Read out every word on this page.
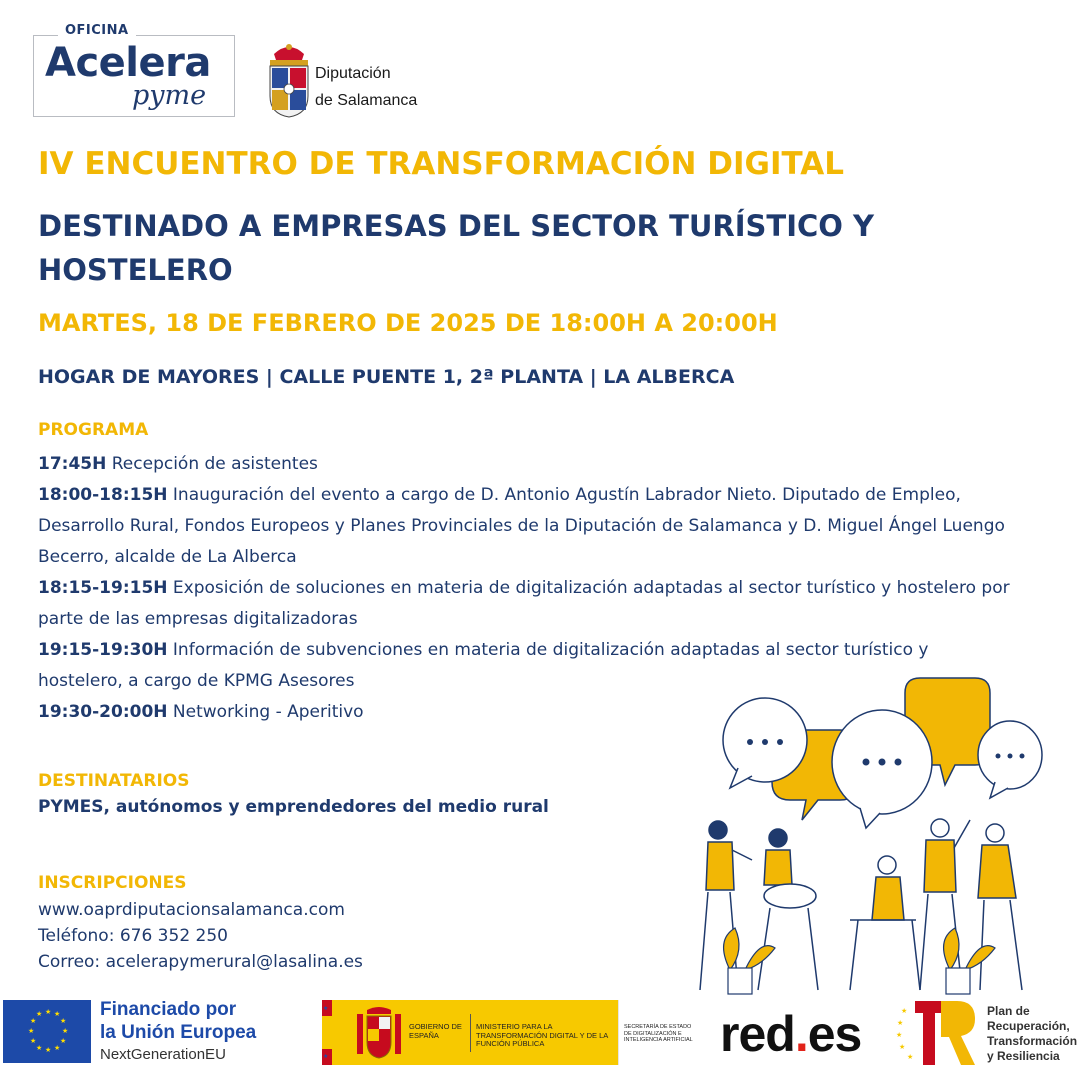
OFICINA
Acelera
pyme
Diputación
de Salamanca
IV ENCUENTRO DE TRANSFORMACIÓN DIGITAL
DESTINADO A EMPRESAS DEL SECTOR TURÍSTICO Y HOSTELERO
MARTES, 18 DE FEBRERO DE 2025 DE 18:00H A 20:00H
HOGAR DE MAYORES | CALLE PUENTE 1, 2ª PLANTA | LA ALBERCA
PROGRAMA
17:45H Recepción de asistentes
18:00-18:15H Inauguración del evento a cargo de D. Antonio Agustín Labrador Nieto. Diputado de Empleo, Desarrollo Rural, Fondos Europeos y Planes Provinciales de la Diputación de Salamanca y D. Miguel Ángel Luengo Becerro, alcalde de La Alberca
18:15-19:15H Exposición de soluciones en materia de digitalización adaptadas al sector turístico y hostelero por parte de las empresas digitalizadoras
19:15-19:30H Información de subvenciones en materia de digitalización adaptadas al sector turístico y hostelero, a cargo de KPMG Asesores
19:30-20:00H Networking - Aperitivo
DESTINATARIOS
PYMES, autónomos y emprendedores del medio rural
INSCRIPCIONES
www.oaprdiputacionsalamanca.com
Teléfono: 676 352 250
Correo: acelerapymerural@lasalina.es
★ ★
★
★
★
★
★
★
★
★
★
★	Financiado por
la Unión Europea
NextGenerationEU
★
★
GOBIERNO DE ESPAÑA
MINISTERIO PARA LA TRANSFORMACIÓN DIGITAL Y DE LA FUNCIÓN PÚBLICA
SECRETARÍA DE ESTADO DE DIGITALIZACIÓN E INTELIGENCIA ARTIFICIAL red.es	★
★
★
★
★
Plan de
Recuperación,
Transformación
y Resiliencia
